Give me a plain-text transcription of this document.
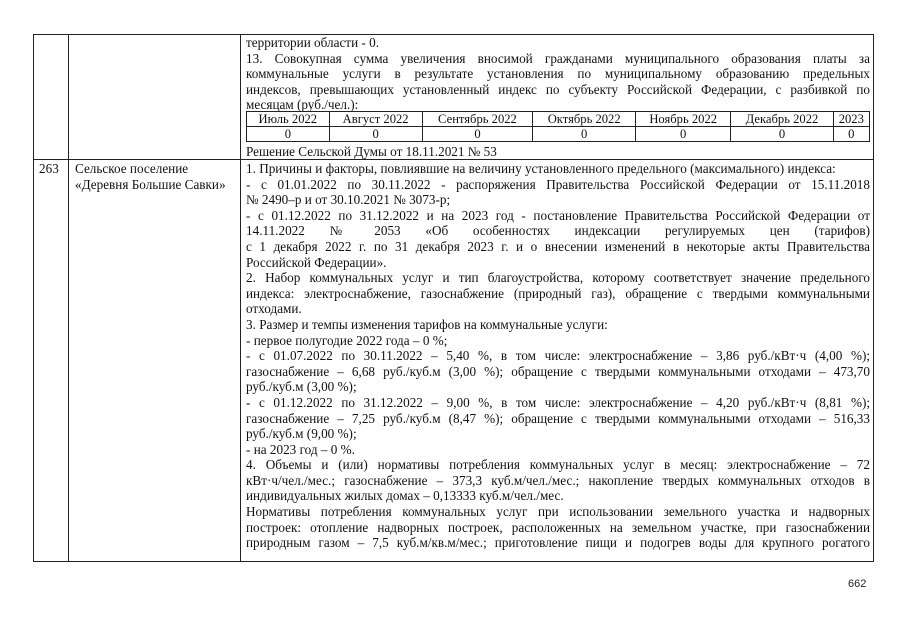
территории области - 0.
13. Совокупная сумма увеличения вносимой гражданами муниципального образования платы за
коммунальные услуги в результате установления по муниципальному образованию предельных
индексов, превышающих установленный индекс по субъекту Российской Федерации, с разбивкой по
месяцам (руб./чел.):
Июль 2022	Август 2022	Сентябрь 2022	Октябрь 2022	Ноябрь 2022	Декабрь 2022	2023
0	0	0	0	0	0	0
Решение Сельской Думы от 18.11.2021 № 53
263 Сельское поселение
«Деревня Большие Савки»
1. Причины и факторы, повлиявшие на величину установленного предельного (максимального) индекса:
- с 01.01.2022 по 30.11.2022 - распоряжения Правительства Российской Федерации от 15.11.2018
№ 2490–р и от 30.10.2021 № 3073-р;
- с 01.12.2022 по 31.12.2022 и на 2023 год - постановление Правительства Российской Федерации от
14.11.2022 № 2053 «Об особенностях индексации регулируемых цен (тарифов)
с 1 декабря 2022 г. по 31 декабря 2023 г. и о внесении изменений в некоторые акты Правительства
Российской Федерации».
2. Набор коммунальных услуг и тип благоустройства, которому соответствует значение предельного
индекса: электроснабжение, газоснабжение (природный газ), обращение с твердыми коммунальными
отходами.
3. Размер и темпы изменения тарифов на коммунальные услуги:
- первое полугодие 2022 года – 0 %;
- с 01.07.2022 по 30.11.2022 – 5,40 %, в том числе: электроснабжение – 3,86 руб./кВт·ч (4,00 %);
газоснабжение – 6,68 руб./куб.м (3,00 %); обращение с твердыми коммунальными отходами – 473,70
руб./куб.м (3,00 %);
- с 01.12.2022 по 31.12.2022 – 9,00 %, в том числе: электроснабжение – 4,20 руб./кВт·ч (8,81 %);
газоснабжение – 7,25 руб./куб.м (8,47 %); обращение с твердыми коммунальными отходами – 516,33
руб./куб.м (9,00 %);
- на 2023 год – 0 %.
4. Объемы и (или) нормативы потребления коммунальных услуг в месяц: электроснабжение – 72
кВт·ч/чел./мес.; газоснабжение – 373,3 куб.м/чел./мес.; накопление твердых коммунальных отходов в
индивидуальных жилых домах – 0,13333 куб.м/чел./мес.
Нормативы потребления коммунальных услуг при использовании земельного участка и надворных
построек: отопление надворных построек, расположенных на земельном участке, при газоснабжении
природным газом – 7,5 куб.м/кв.м/мес.; приготовление пищи и подогрев воды для крупного рогатого
662
